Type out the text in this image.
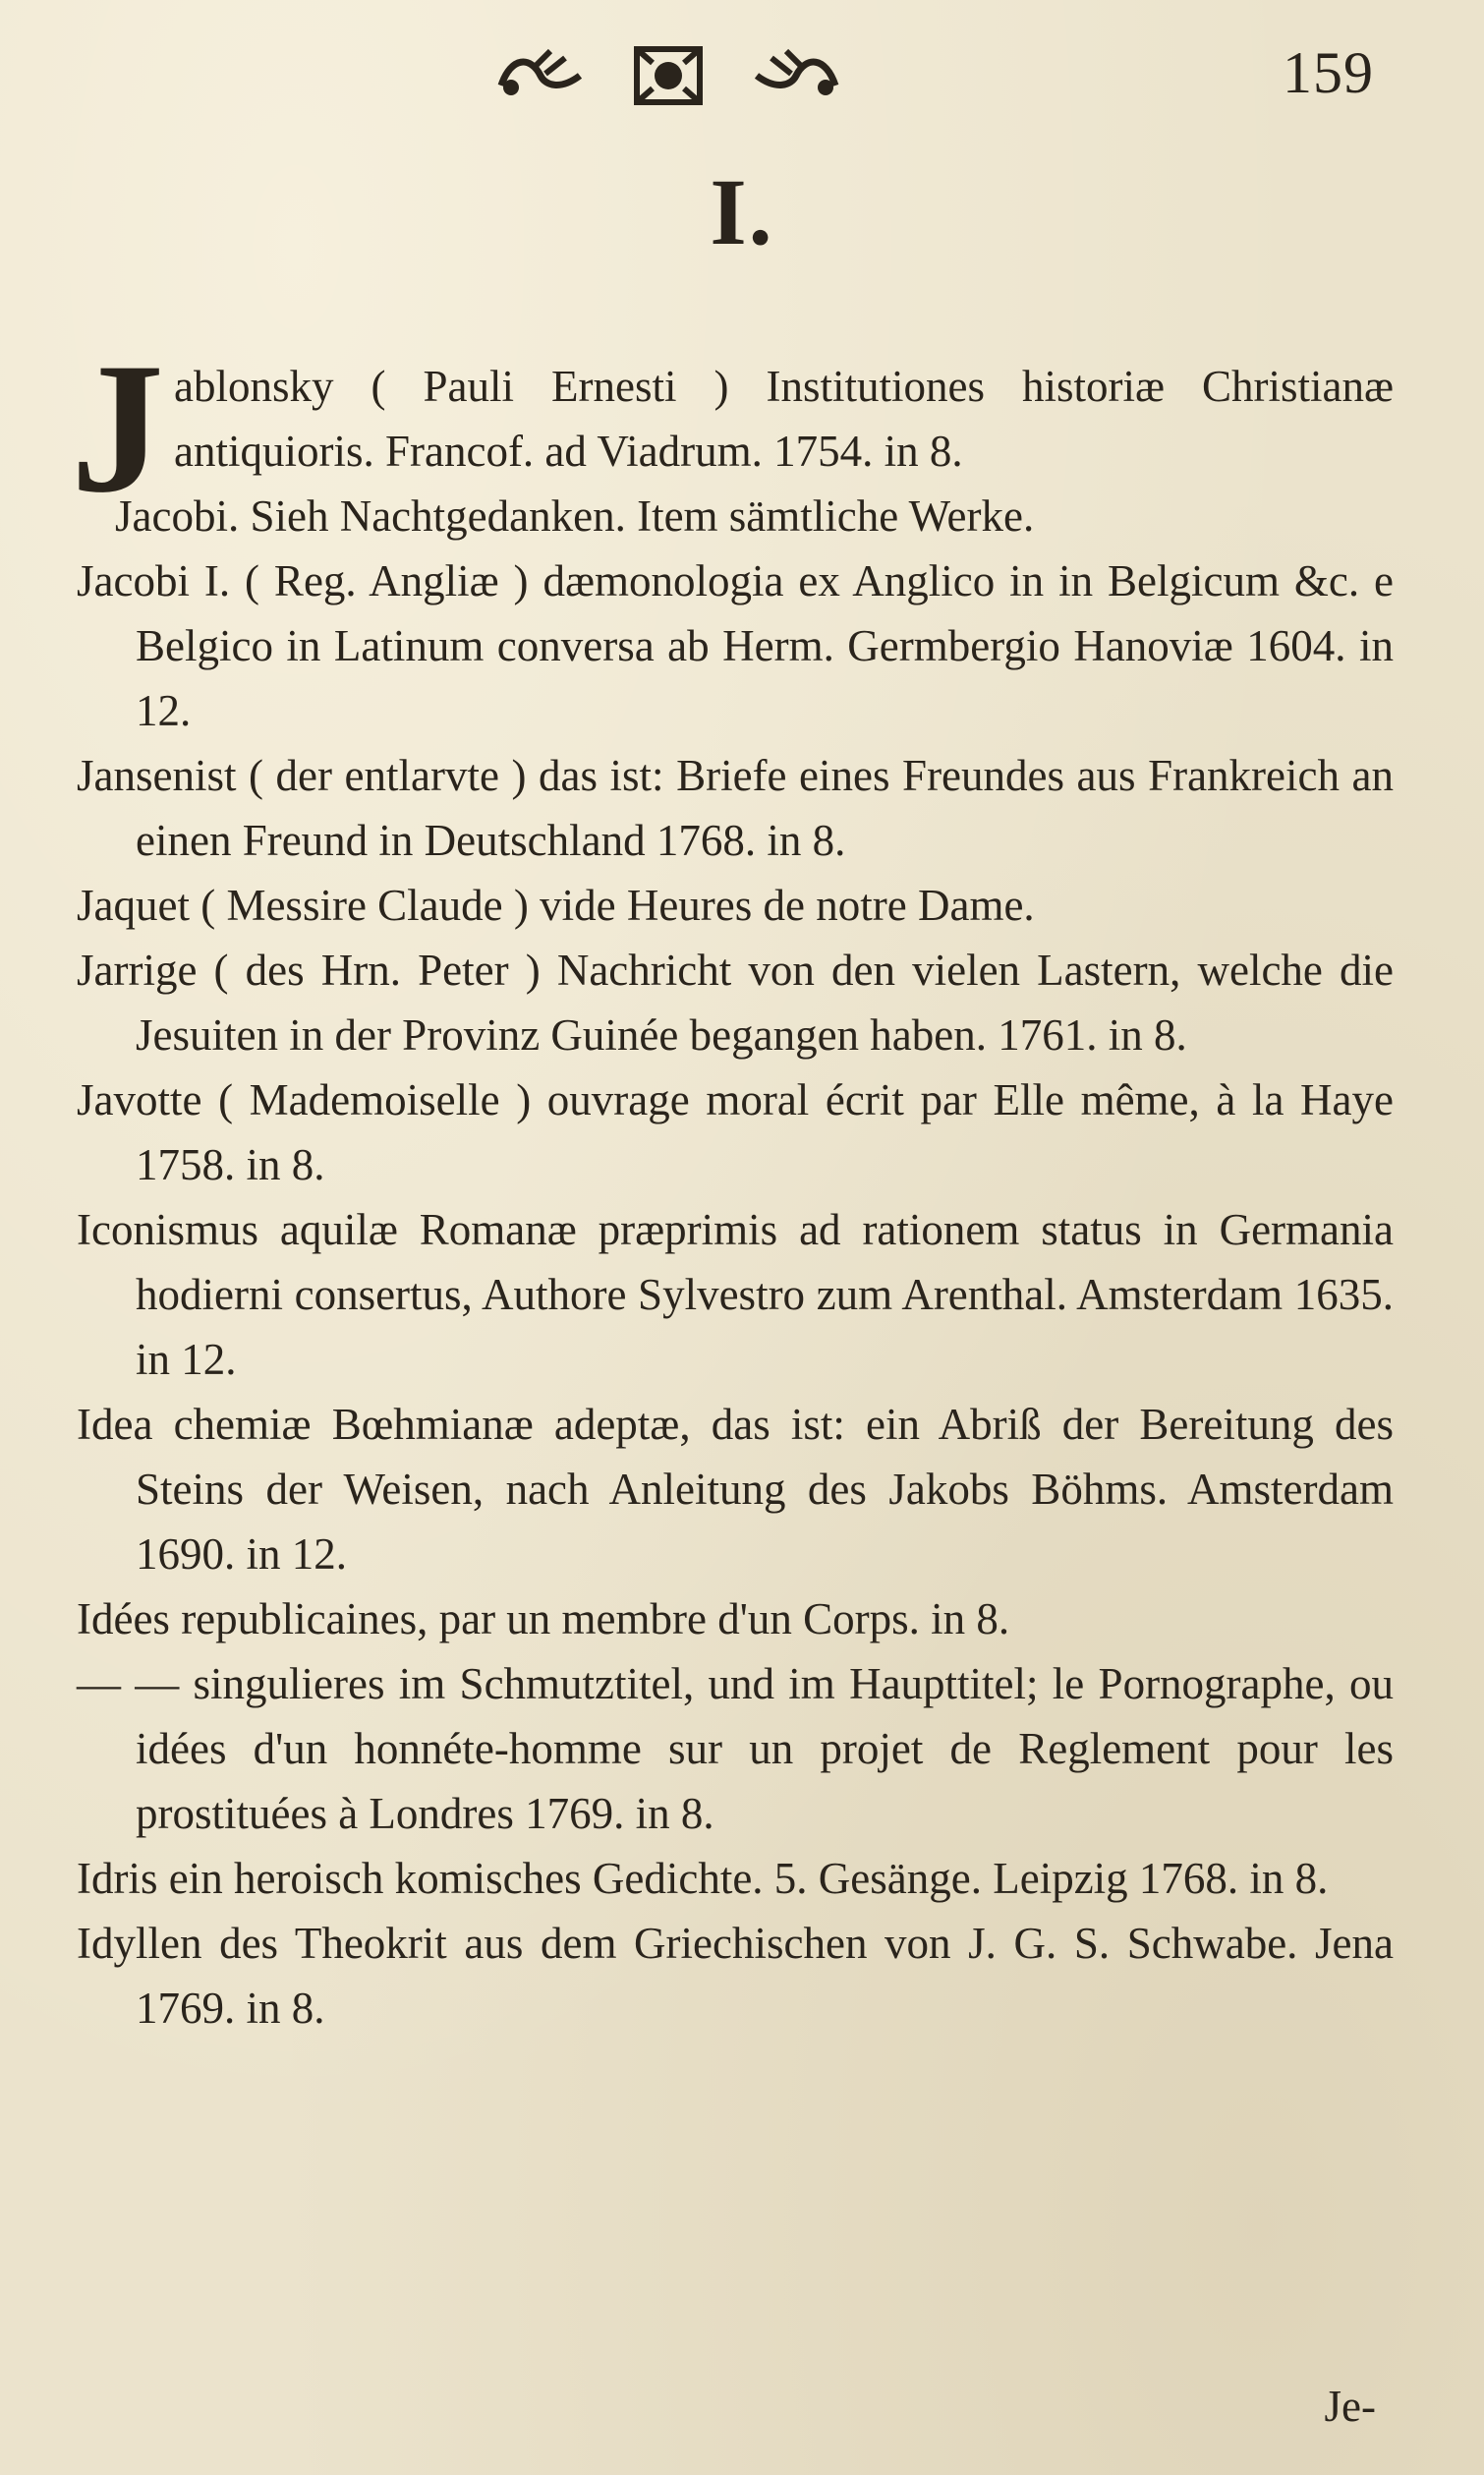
159
I.

Jablonsky ( Pauli Ernesti ) Institutiones historiæ Christianæ antiquioris. Francof. ad Viadrum. 1754. in 8.

Jacobi. Sieh Nachtgedanken. Item sämtliche Werke.

Jacobi I. ( Reg. Angliæ ) dæmonologia ex Anglico in in Belgicum &c. e Belgico in Latinum conversa ab Herm. Germbergio Hanoviæ 1604. in 12.

Jansenist ( der entlarvte ) das ist: Briefe eines Freundes aus Frankreich an einen Freund in Deutschland 1768. in 8.

Jaquet ( Messire Claude ) vide Heures de notre Dame.

Jarrige ( des Hrn. Peter ) Nachricht von den vielen Lastern, welche die Jesuiten in der Provinz Guinée begangen haben. 1761. in 8.

Javotte ( Mademoiselle ) ouvrage moral écrit par Elle même, à la Haye 1758. in 8.

Iconismus aquilæ Romanæ præprimis ad rationem status in Germania hodierni consertus, Authore Sylvestro zum Arenthal. Amsterdam 1635. in 12.

Idea chemiæ Bœhmianæ adeptæ, das ist: ein Abriß der Bereitung des Steins der Weisen, nach Anleitung des Jakobs Böhms. Amsterdam 1690. in 12.

Idées republicaines, par un membre d'un Corps. in 8.

— — singulieres im Schmutztitel, und im Haupttitel; le Pornographe, ou idées d'un honnéte-homme sur un projet de Reglement pour les prostituées à Londres 1769. in 8.

Idris ein heroisch komisches Gedichte. 5. Gesänge. Leipzig 1768. in 8.

Idyllen des Theokrit aus dem Griechischen von J. G. S. Schwabe. Jena 1769. in 8.

Je-
